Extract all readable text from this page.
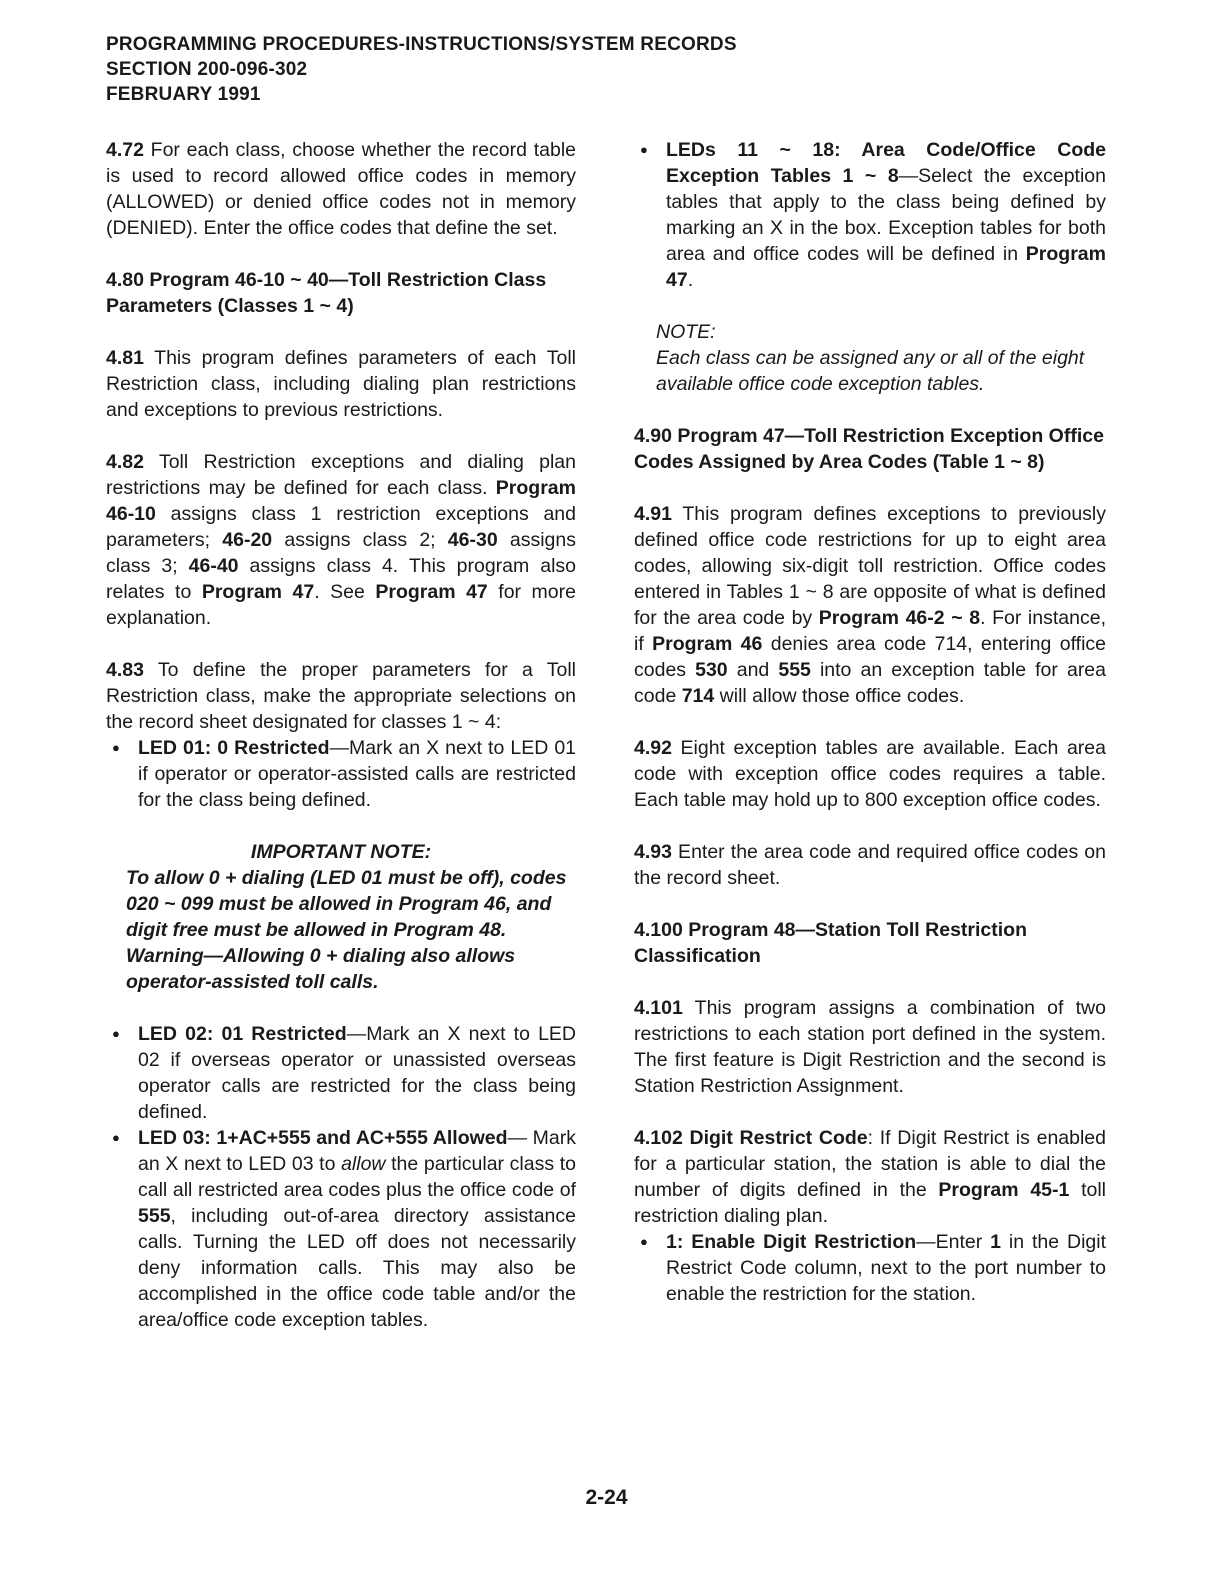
PROGRAMMING PROCEDURES-INSTRUCTIONS/SYSTEM RECORDS
SECTION 200-096-302
FEBRUARY 1991

4.72 For each class, choose whether the record table is used to record allowed office codes in memory (ALLOWED) or denied office codes not in memory (DENIED). Enter the office codes that define the set.

4.80 Program 46-10 ~ 40—Toll Restriction Class Parameters (Classes 1 ~ 4)

4.81 This program defines parameters of each Toll Restriction class, including dialing plan restrictions and exceptions to previous restrictions.

4.82 Toll Restriction exceptions and dialing plan restrictions may be defined for each class. Program 46-10 assigns class 1 restriction exceptions and parameters; 46-20 assigns class 2; 46-30 assigns class 3; 46-40 assigns class 4. This program also relates to Program 47. See Program 47 for more explanation.

4.83 To define the proper parameters for a Toll Restriction class, make the appropriate selections on the record sheet designated for classes 1 ~ 4:

● LED 01: 0 Restricted—Mark an X next to LED 01 if operator or operator-assisted calls are restricted for the class being defined.
IMPORTANT NOTE:
To allow 0 + dialing (LED 01 must be off), codes 020 ~ 099 must be allowed in Program 46, and digit free must be allowed in Program 48. Warning—Allowing 0 + dialing also allows operator-assisted toll calls.
● LED 02: 01 Restricted—Mark an X next to LED 02 if overseas operator or unassisted overseas operator calls are restricted for the class being defined.
● LED 03: 1+AC+555 and AC+555 Allowed— Mark an X next to LED 03 to allow the particular class to call all restricted area codes plus the office code of 555, including out-of-area directory assistance calls. Turning the LED off does not necessarily deny information calls. This may also be accomplished in the office code table and/or the area/office code exception tables.
● LEDs 11 ~ 18: Area Code/Office Code Exception Tables 1 ~ 8—Select the exception tables that apply to the class being defined by marking an X in the box. Exception tables for both area and office codes will be defined in Program 47.
NOTE:
Each class can be assigned any or all of the eight available office code exception tables.
4.90 Program 47—Toll Restriction Exception Office Codes Assigned by Area Codes (Table 1 ~ 8)

4.91 This program defines exceptions to previously defined office code restrictions for up to eight area codes, allowing six-digit toll restriction. Office codes entered in Tables 1 ~ 8 are opposite of what is defined for the area code by Program 46-2 ~ 8. For instance, if Program 46 denies area code 714, entering office codes 530 and 555 into an exception table for area code 714 will allow those office codes.

4.92 Eight exception tables are available. Each area code with exception office codes requires a table. Each table may hold up to 800 exception office codes.

4.93 Enter the area code and required office codes on the record sheet.

4.100 Program 48—Station Toll Restriction Classification

4.101 This program assigns a combination of two restrictions to each station port defined in the system. The first feature is Digit Restriction and the second is Station Restriction Assignment.

4.102 Digit Restrict Code: If Digit Restrict is enabled for a particular station, the station is able to dial the number of digits defined in the Program 45-1 toll restriction dialing plan.

● 1: Enable Digit Restriction—Enter 1 in the Digit Restrict Code column, next to the port number to enable the restriction for the station.
2-24
